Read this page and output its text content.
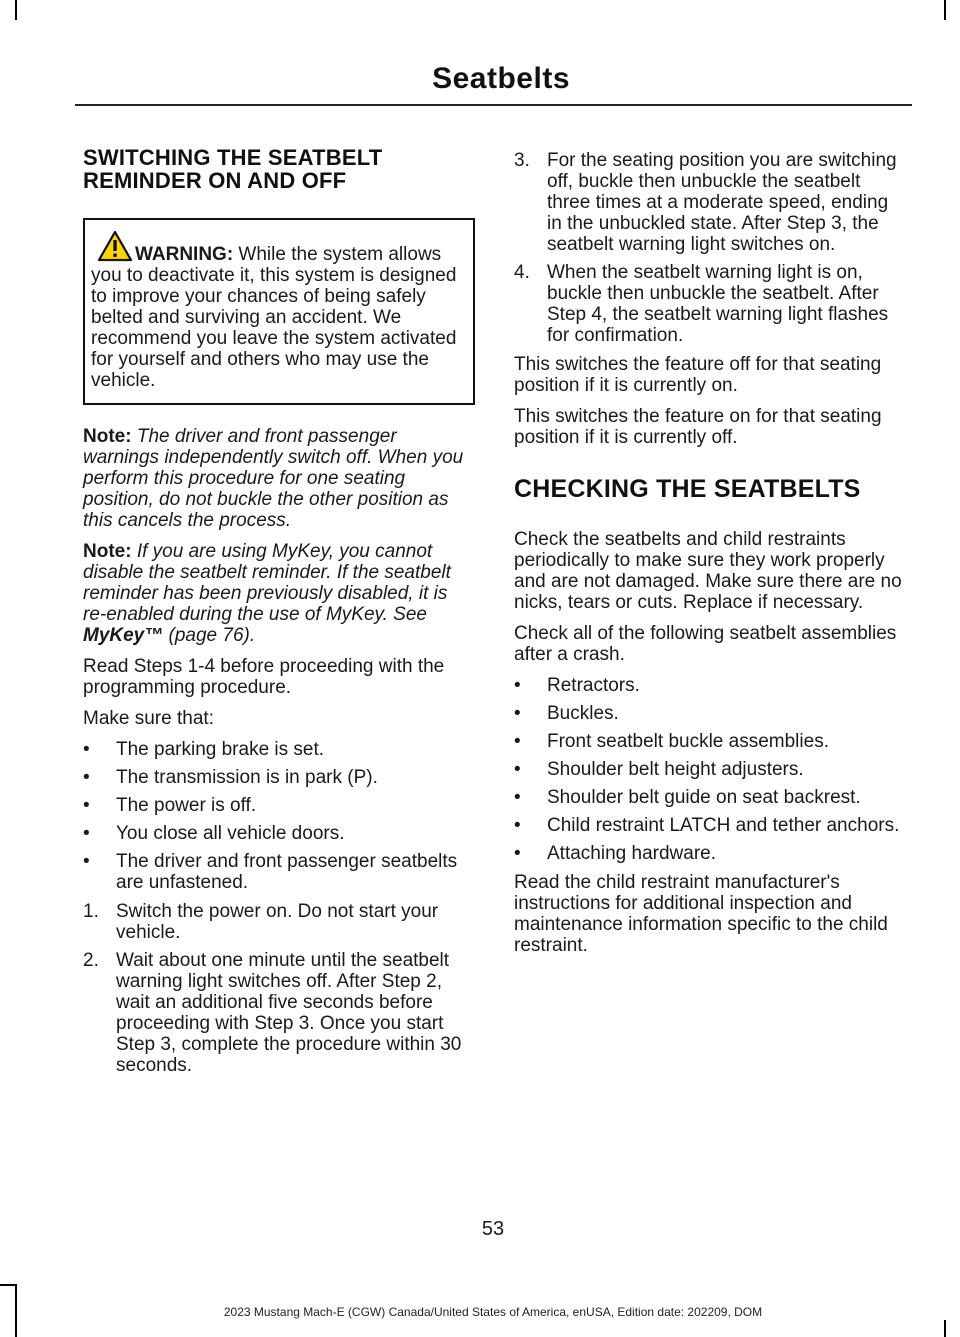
Seatbelts
SWITCHING THE SEATBELT REMINDER ON AND OFF

WARNING: While the system allows you to deactivate it, this system is designed to improve your chances of being safely belted and surviving an accident. We recommend you leave the system activated for yourself and others who may use the vehicle.

Note: The driver and front passenger warnings independently switch off. When you perform this procedure for one seating position, do not buckle the other position as this cancels the process.

Note: If you are using MyKey, you cannot disable the seatbelt reminder. If the seatbelt reminder has been previously disabled, it is re-enabled during the use of MyKey. See MyKey™ (page 76).

Read Steps 1-4 before proceeding with the programming procedure.

Make sure that:

• The parking brake is set.
• The transmission is in park (P).
• The power is off.
• You close all vehicle doors.
• The driver and front passenger seatbelts are unfastened.
1. Switch the power on. Do not start your vehicle.
2. Wait about one minute until the seatbelt warning light switches off. After Step 2, wait an additional five seconds before proceeding with Step 3. Once you start Step 3, complete the procedure within 30 seconds.
3. For the seating position you are switching off, buckle then unbuckle the seatbelt three times at a moderate speed, ending in the unbuckled state. After Step 3, the seatbelt warning light switches on.
4. When the seatbelt warning light is on, buckle then unbuckle the seatbelt. After Step 4, the seatbelt warning light flashes for confirmation.

This switches the feature off for that seating position if it is currently on.

This switches the feature on for that seating position if it is currently off.

CHECKING THE SEATBELTS

Check the seatbelts and child restraints periodically to make sure they work properly and are not damaged. Make sure there are no nicks, tears or cuts. Replace if necessary.

Check all of the following seatbelt assemblies after a crash.

• Retractors.
• Buckles.
• Front seatbelt buckle assemblies.
• Shoulder belt height adjusters.
• Shoulder belt guide on seat backrest.
• Child restraint LATCH and tether anchors.
• Attaching hardware.

Read the child restraint manufacturer's instructions for additional inspection and maintenance information specific to the child restraint.

53
2023 Mustang Mach-E (CGW) Canada/United States of America, enUSA, Edition date: 202209, DOM
